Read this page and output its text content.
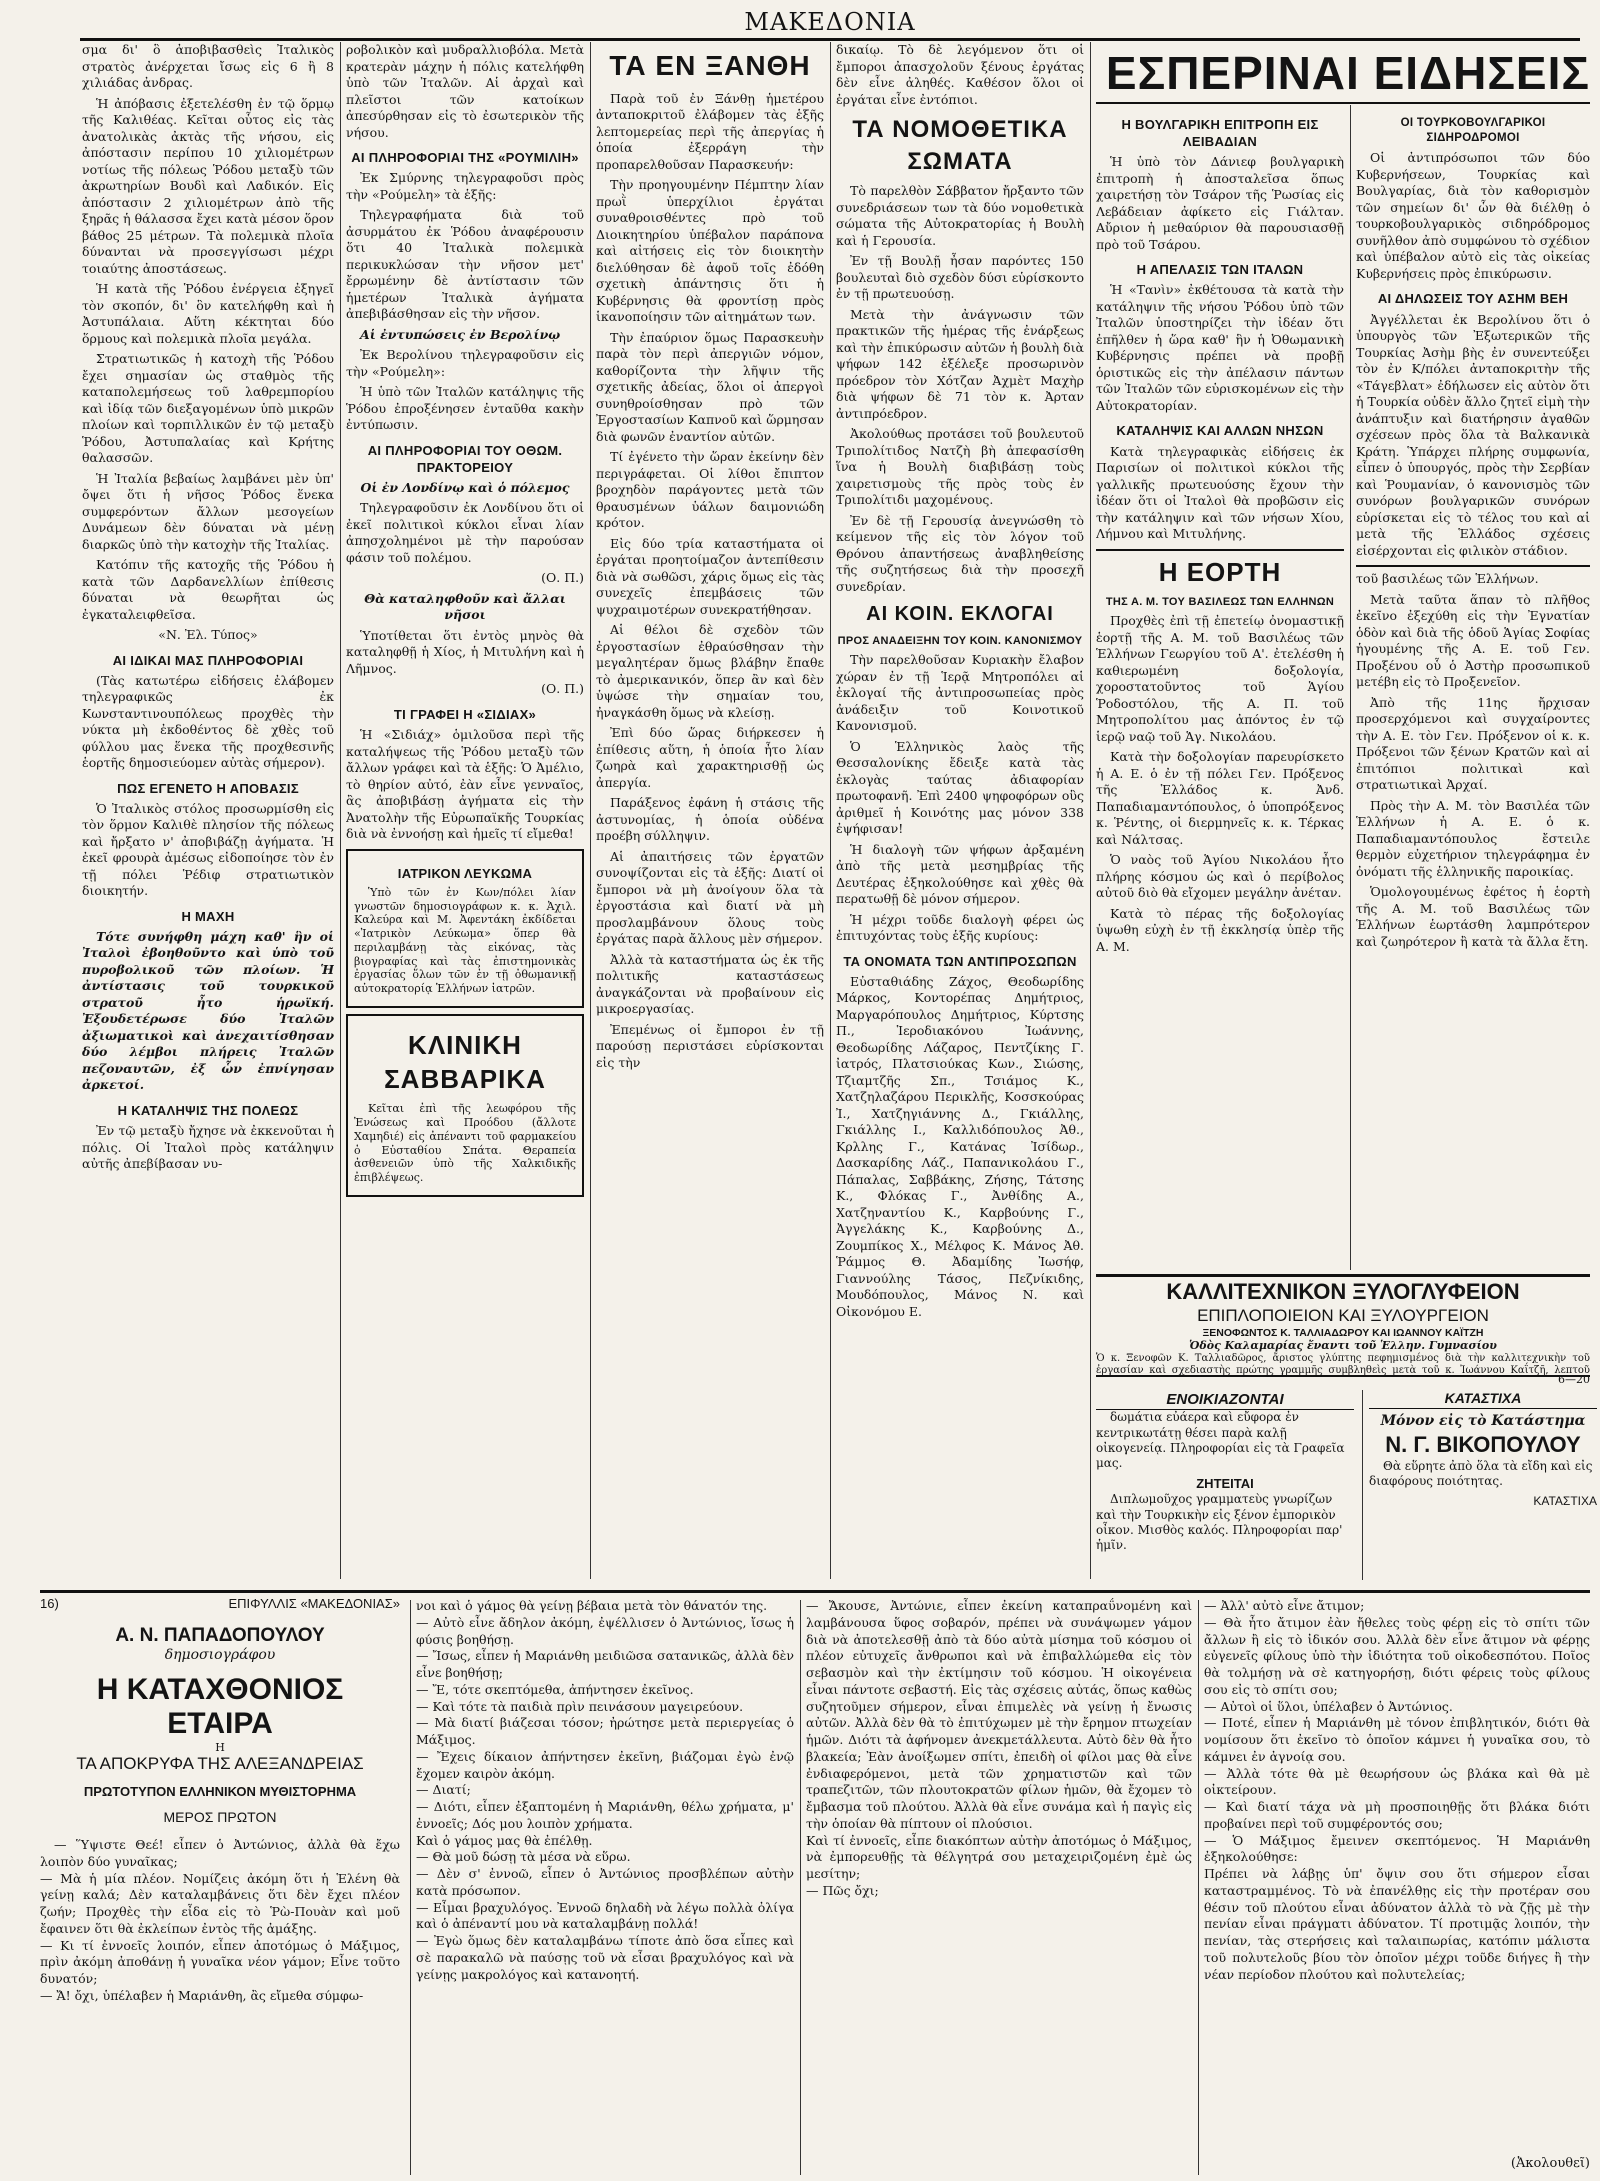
ΜΑΚΕΔΟΝΙΑ

σμα δι' ὃ ἀποβιβασθεὶς Ἰταλικὸς στρατὸς ἀνέρχεται ἴσως εἰς 6 ἢ 8 χιλιάδας ἀνδρας.

Ἡ ἀπόβασις ἐξετελέσθη ἐν τῷ ὅρμῳ τῆς Καλιθέας. Κεῖται οὗτος εἰς τὰς ἀνατολικὰς ἀκτὰς τῆς νήσου, εἰς ἀπόστασιν περίπου 10 χιλιομέτρων νοτίως τῆς πόλεως Ῥόδου μεταξὺ τῶν ἀκρωτηρίων Βουδὶ καὶ Λαδικόν. Εἰς ἀπόστασιν 2 χιλιομέτρων ἀπὸ τῆς ξηρᾶς ἡ θάλασσα ἔχει κατὰ μέσον ὅρον βάθος 25 μέτρων. Τὰ πολεμικὰ πλοῖα δύνανται νὰ προσεγγίσωσι μέχρι τοιαύτης ἀποστάσεως.

Ἡ κατὰ τῆς Ῥόδου ἐνέργεια ἐξηγεῖ τὸν σκοπόν, δι' ὃν κατελήφθη καὶ ἡ Ἀστυπάλαια. Αὕτη κέκτηται δύο ὅρμους καὶ πολεμικὰ πλοῖα μεγάλα.

Στρατιωτικῶς ἡ κατοχὴ τῆς Ῥόδου ἔχει σημασίαν ὡς σταθμὸς τῆς καταπολεμήσεως τοῦ λαθρεμπορίου καὶ ἰδίᾳ τῶν διεξαγομένων ὑπὸ μικρῶν πλοίων καὶ τορπιλλικῶν ἐν τῷ μεταξὺ Ῥόδου, Ἀστυπαλαίας καὶ Κρήτης θαλασσῶν.

Ἡ Ἰταλία βεβαίως λαμβάνει μὲν ὑπ' ὄψει ὅτι ἡ νῆσος Ῥόδος ἕνεκα συμφερόντων ἄλλων μεσογείων Δυνάμεων δὲν δύναται νὰ μένῃ διαρκῶς ὑπὸ τὴν κατοχὴν τῆς Ἰταλίας.

Κατόπιν τῆς κατοχῆς τῆς Ῥόδου ἡ κατὰ τῶν Δαρδανελλίων ἐπίθεσις δύναται νὰ θεωρῆται ὡς ἐγκαταλειφθεῖσα.

«Ν. Ἐλ. Τύπος»

ΑΙ ΙΔΙΚΑΙ ΜΑΣ ΠΛΗΡΟΦΟΡΙΑΙ

(Τὰς κατωτέρω εἰδήσεις ἐλάβομεν τηλεγραφικῶς ἐκ Κωνσταντινουπόλεως προχθὲς τὴν νύκτα μὴ ἐκδοθέντος δὲ χθὲς τοῦ φύλλου μας ἕνεκα τῆς προχθεσινῆς ἑορτῆς δημοσιεύομεν αὐτὰς σήμερον).

ΠΩΣ ΕΓΕΝΕΤΟ Η ΑΠΟΒΑΣΙΣ

Ὁ Ἰταλικὸς στόλος προσωρμίσθη εἰς τὸν ὅρμον Καλιθὲ πλησίον τῆς πόλεως καὶ ἤρξατο ν' ἀποβιβάζῃ ἀγήματα. Ἡ ἐκεῖ φρουρὰ ἀμέσως εἰδοποίησε τὸν ἐν τῇ πόλει Ῥέδιφ στρατιωτικὸν διοικητήν.

Η ΜΑΧΗ

Τότε συνήφθη μάχη καθ' ἣν οἱ Ἰταλοὶ ἐβοηθοῦντο καὶ ὑπὸ τοῦ πυροβολικοῦ τῶν πλοίων. Ἡ ἀντίστασις τοῦ τουρκικοῦ στρατοῦ ἦτο ἡρωϊκή. Ἐξουδετέρωσε δύο Ἰταλῶν ἀξιωματικοὶ καὶ ἀνεχαιτίσθησαν δύο λέμβοι πλήρεις Ἰταλῶν πεζοναυτῶν, ἐξ ὧν ἐπνίγησαν ἀρκετοί.

Η ΚΑΤΑΛΗΨΙΣ ΤΗΣ ΠΟΛΕΩΣ

Ἐν τῷ μεταξὺ ἤχησε νὰ ἐκκενοῦται ἡ πόλις. Οἱ Ἰταλοὶ πρὸς κατάληψιν αὐτῆς ἀπεβίβασαν νυ-

ροβολικὸν καὶ μυδραλλιοβόλα. Μετὰ κρατερὰν μάχην ἡ πόλις κατελήφθη ὑπὸ τῶν Ἰταλῶν. Αἱ ἀρχαὶ καὶ πλεῖστοι τῶν κατοίκων ἀπεσύρθησαν εἰς τὸ ἐσωτερικὸν τῆς νήσου.

ΑΙ ΠΛΗΡΟΦΟΡΙΑΙ ΤΗΣ «ΡΟΥΜΙΛΙΗ»

Ἐκ Σμύρνης τηλεγραφοῦσι πρὸς τὴν «Ρούμελη» τὰ ἑξῆς:

Τηλεγραφήματα διὰ τοῦ ἀσυρμάτου ἐκ Ῥόδου ἀναφέρουσιν ὅτι 40 Ἰταλικὰ πολεμικὰ περικυκλώσαν τὴν νῆσον μετ' ἔρρωμένην δὲ ἀντίστασιν τῶν ἡμετέρων Ἰταλικὰ ἀγήματα ἀπεβιβάσθησαν εἰς τὴν νῆσον.

Αἱ ἐντυπώσεις ἐν Βερολίνῳ

Ἐκ Βερολίνου τηλεγραφοῦσιν εἰς τὴν «Ρούμελη»:

Ἡ ὑπὸ τῶν Ἰταλῶν κατάληψις τῆς Ῥόδου ἐπροξένησεν ἐνταῦθα κακὴν ἐντύπωσιν.

ΑΙ ΠΛΗΡΟΦΟΡΙΑΙ ΤΟΥ ΟΘΩΜ. ΠΡΑΚΤΟΡΕΙΟΥ

Οἱ ἐν Λονδίνῳ καὶ ὁ πόλεμος

Τηλεγραφοῦσιν ἐκ Λονδίνου ὅτι οἱ ἐκεῖ πολιτικοὶ κύκλοι εἶναι λίαν ἀπησχολημένοι μὲ τὴν παρούσαν φάσιν τοῦ πολέμου.

(Ο. Π.)

Θὰ καταληφθοῦν καὶ ἄλλαι νῆσοι

Ὑποτίθεται ὅτι ἐντὸς μηνὸς θὰ καταληφθῇ ἡ Χίος, ἡ Μιτυλήνη καὶ ἡ Λῆμνος.

(Ο. Π.)

ΤΙ ΓΡΑΦΕΙ Η «ΣΙΔΙΑΧ»

Ἡ «Σιδιάχ» ὁμιλοῦσα περὶ τῆς καταλήψεως τῆς Ῥόδου μεταξὺ τῶν ἄλλων γράφει καὶ τὰ ἑξῆς: Ὁ Ἀμέλιο, τὸ θηρίον αὐτό, ἐὰν εἶνε γενναῖος, ἂς ἀποβιβάσῃ ἀγήματα εἰς τὴν Ἀνατολὴν τῆς Εὐρωπαϊκῆς Τουρκίας διὰ νὰ ἐννοήσῃ καὶ ἡμεῖς τί εἴμεθα!

ΙΑΤΡΙΚΟΝ ΛΕΥΚΩΜΑ

Ὑπὸ τῶν ἐν Κων/πόλει λίαν γνωστῶν δημοσιογράφων κ. κ. Ἀχιλ. Καλεύρα καὶ Μ. Ἀφεντάκη ἐκδίδεται «Ἰατρικὸν Λεύκωμα» ὅπερ θὰ περιλαμβάνῃ τὰς εἰκόνας, τὰς βιογραφίας καὶ τὰς ἐπιστημονικὰς ἐργασίας ὅλων τῶν ἐν τῇ ὀθωμανικῇ αὐτοκρατορίᾳ Ἑλλήνων ἰατρῶν.

ΚΛΙΝΙΚΗ ΣΑΒΒΑΡΙΚΑ

Κεῖται ἐπὶ τῆς λεωφόρου τῆς Ἐνώσεως καὶ Προόδου (ἄλλοτε Χαμηδιέ) εἰς ἀπέναντι τοῦ φαρμακείου ὁ Εὐσταθίου Σπάτα. Θεραπεία ἀσθενειῶν ὑπὸ τῆς Χαλκιδικῆς ἐπιβλέψεως.

ΤΑ ΕΝ ΞΑΝΘΗ

Παρὰ τοῦ ἐν Ξάνθῃ ἡμετέρου ἀνταποκριτοῦ ἐλάβομεν τὰς ἑξῆς λεπτομερείας περὶ τῆς ἀπεργίας ἡ ὁποία ἐξερράγη τὴν προπαρελθοῦσαν Παρασκευήν:

Τὴν προηγουμένην Πέμπτην λίαν πρωῒ ὑπερχίλιοι ἐργάται συναθροισθέντες πρὸ τοῦ Διοικητηρίου ὑπέβαλον παράπονα καὶ αἰτήσεις εἰς τὸν διοικητὴν διελύθησαν δὲ ἀφοῦ τοῖς ἐδόθη σχετικὴ ἀπάντησις ὅτι ἡ Κυβέρνησις θὰ φροντίσῃ πρὸς ἱκανοποίησιν τῶν αἰτημάτων των.

Τὴν ἐπαύριον ὅμως Παρασκευὴν παρὰ τὸν περὶ ἀπεργιῶν νόμον, καθορίζοντα τὴν λῆψιν τῆς σχετικῆς ἀδείας, ὅλοι οἱ ἀπεργοὶ συνηθροίσθησαν πρὸ τῶν Ἐργοστασίων Καπνοῦ καὶ ὥρμησαν διὰ φωνῶν ἐναντίον αὐτῶν.

Τί ἐγένετο τὴν ὥραν ἐκείνην δὲν περιγράφεται. Οἱ λίθοι ἔπιπτον βροχηδὸν παράγοντες μετὰ τῶν θραυσμένων ὑάλων δαιμονιώδη κρότον.

Εἰς δύο τρία καταστήματα οἱ ἐργάται προητοίμαζον ἀντεπίθεσιν διὰ νὰ σωθῶσι, χάρις ὅμως εἰς τὰς συνεχεῖς ἐπεμβάσεις τῶν ψυχραιμοτέρων συνεκρατήθησαν.

Αἱ θέλοι δὲ σχεδὸν τῶν ἐργοστασίων ἐθραύσθησαν τὴν μεγαλητέραν ὅμως βλάβην ἔπαθε τὸ ἀμερικανικόν, ὅπερ ἂν καὶ δὲν ὑψώσε τὴν σημαίαν του, ἠναγκάσθη ὅμως νὰ κλείσῃ.

Ἐπὶ δύο ὥρας διήρκεσεν ἡ ἐπίθεσις αὕτη, ἡ ὁποία ἦτο λίαν ζωηρὰ καὶ χαρακτηρισθῇ ὡς ἀπεργία.

Παράξενος ἐφάνη ἡ στάσις τῆς ἀστυνομίας, ἡ ὁποία οὐδένα προέβη σύλληψιν.

Αἱ ἀπαιτήσεις τῶν ἐργατῶν συνοψίζονται εἰς τὰ ἑξῆς: Διατί οἱ ἔμποροι νὰ μὴ ἀνοίγουν ὅλα τὰ ἐργοστάσια καὶ διατί νὰ μὴ προσλαμβάνουν ὅλους τοὺς ἐργάτας παρὰ ἄλλους μὲν σήμερον.

Ἀλλὰ τὰ καταστήματα ὡς ἐκ τῆς πολιτικῆς καταστάσεως ἀναγκάζονται νὰ προβαίνουν εἰς μικροεργασίας.

Ἐπεμένως οἱ ἔμποροι ἐν τῇ παρούσῃ περιστάσει εὑρίσκονται εἰς τὴν

δικαίῳ. Τὸ δὲ λεγόμενον ὅτι οἱ ἔμποροι ἀπασχολοῦν ξένους ἐργάτας δὲν εἶνε ἀληθές. Καθέσον ὅλοι οἱ ἐργάται εἶνε ἐντόπιοι.

ΤΑ ΝΟΜΟΘΕΤΙΚΑ ΣΩΜΑΤΑ

Τὸ παρελθὸν Σάββατον ἤρξαντο τῶν συνεδριάσεων των τὰ δύο νομοθετικὰ σώματα τῆς Αὐτοκρατορίας ἡ Βουλὴ καὶ ἡ Γερουσία.

Ἐν τῇ Βουλῇ ἦσαν παρόντες 150 βουλευταὶ διὸ σχεδὸν δύσι εὑρίσκοντο ἐν τῇ πρωτευούσῃ.

Μετὰ τὴν ἀνάγνωσιν τῶν πρακτικῶν τῆς ἡμέρας τῆς ἐνάρξεως καὶ τὴν ἐπικύρωσιν αὐτῶν ἡ βουλὴ διὰ ψήφων 142 ἐξέλεξε προσωρινὸν πρόεδρον τὸν Χότζαν Ἀχμὲτ Μαχὴρ διὰ ψήφων δὲ 71 τὸν κ. Ἀρταν ἀντιπρόεδρον.

Ἀκολούθως προτάσει τοῦ βουλευτοῦ Τριπολίτιδος Νατζὴ βὴ ἀπεφασίσθη ἵνα ἡ Βουλὴ διαβιβάσῃ τοὺς χαιρετισμοὺς τῆς πρὸς τοὺς ἐν Τριπολίτιδι μαχομένους.

Ἐν δὲ τῇ Γερουσίᾳ ἀνεγνώσθη τὸ κείμενον τῆς εἰς τὸν λόγον τοῦ Θρόνου ἀπαντήσεως ἀναβληθείσης τῆς συζητήσεως διὰ τὴν προσεχῆ συνεδρίαν.

ΑΙ ΚΟΙΝ. ΕΚΛΟΓΑΙ
ΠΡΟΣ ΑΝΑΔΕΙΞΗΝ ΤΟΥ ΚΟΙΝ. ΚΑΝΟΝΙΣΜΟΥ

Τὴν παρελθοῦσαν Κυριακὴν ἔλαβον χώραν ἐν τῇ Ἱερᾷ Μητροπόλει αἱ ἐκλογαί τῆς ἀντιπροσωπείας πρὸς ἀνάδειξιν τοῦ Κοινοτικοῦ Κανονισμοῦ.

Ὁ Ἑλληνικὸς λαὸς τῆς Θεσσαλονίκης ἔδειξε κατὰ τὰς ἐκλογὰς ταύτας ἀδιαφορίαν πρωτοφανῆ. Ἐπὶ 2400 ψηφοφόρων οὓς ἀριθμεῖ ἡ Κοινότης μας μόνον 338 ἐψήφισαν!

Ἡ διαλογὴ τῶν ψήφων ἀρξαμένη ἀπὸ τῆς μετὰ μεσημβρίας τῆς Δευτέρας ἐξηκολούθησε καὶ χθὲς θὰ περατωθῇ δὲ μόνον σήμερον.

Ἡ μέχρι τοῦδε διαλογὴ φέρει ὡς ἐπιτυχόντας τοὺς ἑξῆς κυρίους:

ΤΑ ΟΝΟΜΑΤΑ ΤΩΝ ΑΝΤΙΠΡΟΣΩΠΩΝ

Εὐσταθιάδης Ζάχος, Θεοδωρίδης Μάρκος, Κοντορέπας Δημήτριος, Μαργαρόπουλος Δημήτριος, Κύρτσης Π., Ἱεροδιακόνου Ἰωάννης, Θεοδωρίδης Λάζαρος, Πεντζίκης Γ. ἰατρός, Πλατσιούκας Κων., Σιώσης, Τζιαμτζῆς Σπ., Τσιάμος Κ., Χατζηλαζάρου Περικλῆς, Κοσσκούρας Ἰ., Χατζηγιάννης Δ., Γκιάλλης, Γκιάλλης Ι., Καλλιδόπουλος Ἀθ., Κρλλης Γ., Κατάνας Ἰσίδωρ., Δασκαρίδης Λάζ., Παπανικολάου Γ., Πάπαλας, Σαββάκης, Ζήσης, Τάτσης Κ., Φλόκας Γ., Ἀνθίδης Α., Χατζηναντίου Κ., Καρβούνης Γ., Ἀγγελάκης Κ., Καρβούνης Δ., Ζουμπίκος Χ., Μέλφος Κ. Μάνος Ἀθ. Ῥάμμος Θ. Ἀδαμίδης Ἰωσήφ, Γιαννούλης Τάσος, Πεζνίκιδης, Μουδόπουλος, Μάνος Ν. καὶ Οἰκονόμου Ε.

ΕΣΠΕΡΙΝΑΙ ΕΙΔΗΣΕΙΣ
Η ΒΟΥΛΓΑΡΙΚΗ ΕΠΙΤΡΟΠΗ ΕΙΣ ΛΕΙΒΑΔΙΑΝ

Ἡ ὑπὸ τὸν Δάνιεφ βουλγαρικὴ ἐπιτροπὴ ἡ ἀποσταλεῖσα ὅπως χαιρετήσῃ τὸν Τσάρον τῆς Ῥωσίας εἰς Λεβάδειαν ἀφίκετο εἰς Γιάλταν. Αὔριον ἡ μεθαύριον θὰ παρουσιασθῇ πρὸ τοῦ Τσάρου.

Η ΑΠΕΛΑΣΙΣ ΤΩΝ ΙΤΑΛΩΝ

Ἡ «Τανὶν» ἐκθέτουσα τὰ κατὰ τὴν κατάληψιν τῆς νήσου Ῥόδου ὑπὸ τῶν Ἰταλῶν ὑποστηρίζει τὴν ἰδέαν ὅτι ἐπῆλθεν ἡ ὥρα καθ' ἣν ἡ Ὀθωμανικὴ Κυβέρνησις πρέπει νὰ προβῇ ὁριστικῶς εἰς τὴν ἀπέλασιν πάντων τῶν Ἰταλῶν τῶν εὑρισκομένων εἰς τὴν Αὐτοκρατορίαν.

ΚΑΤΑΛΗΨΙΣ ΚΑΙ ΑΛΛΩΝ ΝΗΣΩΝ

Κατὰ τηλεγραφικὰς εἰδήσεις ἐκ Παρισίων οἱ πολιτικοὶ κύκλοι τῆς γαλλικῆς πρωτευούσης ἔχουν τὴν ἰδέαν ὅτι οἱ Ἰταλοὶ θὰ προβῶσιν εἰς τὴν κατάληψιν καὶ τῶν νήσων Χίου, Λήμνου καὶ Μιτυλήνης.

Η ΕΟΡΤΗ
ΤΗΣ Α. Μ. ΤΟΥ ΒΑΣΙΛΕΩΣ ΤΩΝ ΕΛΛΗΝΩΝ

Προχθὲς ἐπὶ τῇ ἐπετείῳ ὀνομαστικῇ ἑορτῇ τῆς Α. Μ. τοῦ Βασιλέως τῶν Ἑλλήνων Γεωργίου τοῦ Α'. ἐτελέσθη ἡ καθιερωμένη δοξολογία, χοροστατοῦντος τοῦ Ἁγίου Ῥοδοστόλου, τῆς Α. Π. τοῦ Μητροπολίτου μας ἀπόντος ἐν τῷ ἱερῷ ναῷ τοῦ Ἁγ. Νικολάου.

Κατὰ τὴν δοξολογίαν παρευρίσκετο ἡ Α. Ε. ὁ ἐν τῇ πόλει Γεν. Πρόξενος τῆς Ἑλλάδος κ. Ἀνδ. Παπαδιαμαντόπουλος, ὁ ὑποπρόξενος κ. Ῥέντης, οἱ διερμηνεῖς κ. κ. Τέρκας καὶ Νάλτσας.

Ὁ ναὸς τοῦ Ἁγίου Νικολάου ἦτο πλήρης κόσμου ὡς καὶ ὁ περίβολος αὐτοῦ διὸ θὰ εἴχομεν μεγάλην ἀνέταν.

Κατὰ τὸ πέρας τῆς δοξολογίας ὑψωθη εὐχὴ ἐν τῇ ἐκκλησίᾳ ὑπὲρ τῆς Α. Μ.

ΟΙ ΤΟΥΡΚΟΒΟΥΛΓΑΡΙΚΟΙ ΣΙΔΗΡΟΔΡΟΜΟΙ

Οἱ ἀντιπρόσωποι τῶν δύο Κυβερνήσεων, Τουρκίας καὶ Βουλγαρίας, διὰ τὸν καθορισμὸν τῶν σημείων δι' ὧν θὰ διέλθῃ ὁ τουρκοβουλγαρικὸς σιδηρόδρομος συνῆλθον ἀπὸ συμφώνου τὸ σχέδιον καὶ ὑπέβαλον αὐτὸ εἰς τὰς οἰκείας Κυβερνήσεις πρὸς ἐπικύρωσιν.

ΑΙ ΔΗΛΩΣΕΙΣ ΤΟΥ ΑΣΗΜ ΒΕΗ

Ἀγγέλλεται ἐκ Βερολίνου ὅτι ὁ ὑπουργὸς τῶν Ἐξωτερικῶν τῆς Τουρκίας Ἀσὴμ βὴς ἐν συνεντεύξει τὸν ἐν Κ/πόλει ἀνταποκριτὴν τῆς «Τάγεβλατ» ἐδήλωσεν εἰς αὐτὸν ὅτι ἡ Τουρκία οὐδὲν ἄλλο ζητεῖ εἰμὴ τὴν ἀνάπτυξιν καὶ διατήρησιν ἀγαθῶν σχέσεων πρὸς ὅλα τὰ Βαλκανικὰ Κράτη. Ὑπάρχει πλήρης συμφωνία, εἶπεν ὁ ὑπουργός, πρὸς τὴν Σερβίαν καὶ Ῥουμανίαν, ὁ κανονισμὸς τῶν συνόρων βουλγαρικῶν συνόρων εὑρίσκεται εἰς τὸ τέλος του καὶ αἱ μετὰ τῆς Ἑλλάδος σχέσεις εἰσέρχονται εἰς φιλικὸν στάδιον.

τοῦ βασιλέως τῶν Ἑλλήνων.

Μετὰ ταῦτα ἅπαν τὸ πλῆθος ἐκεῖνο ἐξεχύθη εἰς τὴν Ἐγνατίαν ὁδὸν καὶ διὰ τῆς ὁδοῦ Ἁγίας Σοφίας ἡγουμένης τῆς Α. Ε. τοῦ Γεν. Προξένου οὗ ὁ Ἀστὴρ προσωπικοῦ μετέβη εἰς τὸ Προξενεῖον.

Ἀπὸ τῆς 11ης ἤρχισαν προσερχόμενοι καὶ συγχαίροντες τὴν Α. Ε. τὸν Γεν. Πρόξενον οἱ κ. κ. Πρόξενοι τῶν ξένων Κρατῶν καὶ αἱ ἐπιτόπιοι πολιτικαὶ καὶ στρατιωτικαὶ Ἀρχαί.

Πρὸς τὴν Α. Μ. τὸν Βασιλέα τῶν Ἑλλήνων ἡ Α. Ε. ὁ κ. Παπαδιαμαντόπουλος ἔστειλε θερμὸν εὐχετήριον τηλεγράφημα ἐν ὀνόματι τῆς ἑλληνικῆς παροικίας.

Ὁμολογουμένως ἐφέτος ἡ ἑορτὴ τῆς Α. Μ. τοῦ Βασιλέως τῶν Ἑλλήνων ἑωρτάσθη λαμπρότερον καὶ ζωηρότερον ἢ κατὰ τὰ ἄλλα ἔτη.

ΚΑΛΛΙΤΕΧΝΙΚΟΝ ΞΥΛΟΓΛΥΦΕΙΟΝ
ΕΠΙΠΛΟΠΟΙΕΙΟΝ ΚΑΙ ΞΥΛΟΥΡΓΕΙΟΝ
ΞΕΝΟΦΩΝΤΟΣ Κ. ΤΑΛΛΙΑΔΩΡΟΥ ΚΑΙ ΙΩΑΝΝΟΥ ΚΑΪΤΖΗ
Ὁδὸς Καλαμαρίας ἔναντι τοῦ Ἑλλην. Γυμνασίου
Ὁ κ. Ξενοφῶν Κ. Ταλλιαδῶρος, ἄριστος γλύπτης πεφημισμένος διὰ τὴν καλλιτεχνικὴν τοῦ ἐργασίαν καὶ σχεδιαστὴς πρώτης γραμμῆς συμβληθεὶς μετὰ τοῦ κ. Ἰωάννου Καΐτζῆ, λεπτοῦ
6—20
ΕΝΟΙΚΙΑΖΟΝΤΑΙ

δωμάτια εὐάερα καὶ εὔφορα ἐν κεντρικωτάτῃ θέσει παρὰ καλῇ οἰκογενείᾳ. Πληροφορίαι εἰς τὰ Γραφεῖα μας.

ΖΗΤΕΙΤΑΙ

Διπλωμοῦχος γραμματεὺς γνωρίζων καὶ τὴν Τουρκικὴν εἰς ξένον ἐμπορικὸν οἶκον. Μισθὸς καλός. Πληροφορίαι παρ' ἡμῖν.

ΚΑΤΑΣΤΙΧΑ
Μόνον εἰς τὸ Κατάστημα
Ν. Γ. ΒΙΚΟΠΟΥΛΟΥ

Θὰ εὕρητε ἀπὸ ὅλα τὰ εἴδη καὶ εἰς διαφόρους ποιότητας.

ΚΑΤΑΣΤΙΧΑ
16)	ΕΠΙΦΥΛΛΙΣ «ΜΑΚΕΔΟΝΙΑΣ»
Α. Ν. ΠΑΠΑΔΟΠΟΥΛΟΥ
δημοσιογράφου
Η ΚΑΤΑΧΘΟΝΙΟΣ ΕΤΑΙΡΑ
Η
ΤΑ ΑΠΟΚΡΥΦΑ ΤΗΣ ΑΛΕΞΑΝΔΡΕΙΑΣ
ΠΡΩΤΟΤΥΠΟΝ ΕΛΛΗΝΙΚΟΝ ΜΥΘΙΣΤΟΡΗΜΑ
ΜΕΡΟΣ ΠΡΩΤΟΝ

— Ὕψιστε Θεέ! εἶπεν ὁ Ἀντώνιος, ἀλλὰ θὰ ἔχω λοιπὸν δύο γυναῖκας;
— Μὰ ἡ μία πλέον. Νομίζεις ἀκόμη ὅτι ἡ Ἑλένη θὰ γείνῃ καλά; Δὲν καταλαμβάνεις ὅτι δὲν ἔχει πλέον ζωήν; Προχθὲς τὴν εἶδα εἰς τὸ Ῥὼ-Πουὰν καὶ μοῦ ἔφαινεν ὅτι θὰ ἐκλείπων ἐντὸς τῆς ἀμάξης.
— Κι τί ἐννοεῖς λοιπόν, εἶπεν ἀποτόμως ὁ Μάξιμος, πρὶν ἀκόμη ἀποθάνῃ ἡ γυναῖκα νέον γάμον; Εἶνε τοῦτο δυνατόν;
— Ἄ! ὄχι, ὑπέλαβεν ἡ Μαριάνθη, ἂς εἴμεθα σύμφω-

νοι καὶ ὁ γάμος θὰ γείνῃ βέβαια μετὰ τὸν θάνατόν της.
— Αὐτὸ εἶνε ἄδηλον ἀκόμη, ἐψέλλισεν ὁ Ἀντώνιος, ἴσως ἡ φύσις βοηθήσῃ.
— Ἴσως, εἶπεν ἡ Μαριάνθη μειδιῶσα σατανικῶς, ἀλλὰ δὲν εἶνε βοηθήσῃ;
— Ἔ, τότε σκεπτόμεθα, ἀπήντησεν ἐκεῖνος.
— Καὶ τότε τὰ παιδιὰ πρὶν πεινάσουν μαγειρεύουν.
— Μὰ διατί βιάζεσαι τόσον; ἠρώτησε μετὰ περιεργείας ὁ Μάξιμος.
— Ἔχεις δίκαιον ἀπήντησεν ἐκεῖνη, βιάζομαι ἐγὼ ἐνῷ ἔχομεν καιρὸν ἀκόμη.
— Διατί;
— Διότι, εἶπεν ἐξαπτομένη ἡ Μαριάνθη, θέλω χρήματα, μ' ἐννοεῖς; Δός μου λοιπὸν χρήματα.
Καὶ ὁ γάμος μας θὰ ἐπέλθῃ.
— Θὰ μοῦ δώσῃ τὰ μέσα νὰ εὕρω.
— Δὲν σ' ἐννοῶ, εἶπεν ὁ Ἀντώνιος προσβλέπων αὐτὴν κατὰ πρόσωπον.
— Εἶμαι βραχυλόγος. Ἐννοῶ δηλαδὴ νὰ λέγω πολλὰ ὀλίγα καὶ ὁ ἀπέναντί μου νὰ καταλαμβάνῃ πολλά!
— Ἐγὼ ὅμως δὲν καταλαμβάνω τίποτε ἀπὸ ὅσα εἶπες καὶ σὲ παρακαλῶ νὰ παύσῃς τοῦ νὰ εἶσαι βραχυλόγος καὶ νὰ γείνῃς μακρολόγος καὶ κατανοητή.
— Ἄκουσε, Ἀντώνιε, εἶπεν ἐκείνη καταπραΰνομένη καὶ λαμβάνουσα ὕφος σοβαρόν, πρέπει νὰ συνάψωμεν γάμον διὰ νὰ ἀποτελεσθῇ ἀπὸ τὰ δύο αὐτὰ μίσημα τοῦ κόσμου οἱ πλέον εὐτυχεῖς ἄνθρωποι καὶ νὰ ἐπιβαλλώμεθα εἰς τὸν σεβασμὸν καὶ τὴν ἐκτίμησιν τοῦ κόσμου. Ἡ οἰκογένεια εἶναι πάντοτε σεβαστή. Εἰς τὰς σχέσεις αὐτάς, ὅπως καθὼς συζητοῦμεν σήμερον, εἶναι ἐπιμελὲς νὰ γείνῃ ἡ ἔνωσις αὐτῶν. Ἀλλὰ δὲν θὰ τὸ ἐπιτύχωμεν μὲ τὴν ἔρημον πτωχείαν ἡμῶν. Διότι τὰ ἀφήνομεν ἀνεκμετάλλευτα. Αὐτὸ δὲν θὰ ἦτο βλακεία; Ἐὰν ἀνοίξωμεν σπίτι, ἐπειδὴ οἱ φίλοι μας θὰ εἶνε ἐνδιαφερόμενοι, μετὰ τῶν χρηματιστῶν καὶ τῶν τραπεζιτῶν, τῶν πλουτοκρατῶν φίλων ἡμῶν, θὰ ἔχομεν τὸ ἔμβασμα τοῦ πλούτου. Ἀλλὰ θὰ εἶνε συνάμα καὶ ἡ παγὶς εἰς τὴν ὁποίαν θὰ πίπτουν οἱ πλούσιοι.
Καὶ τί ἐννοεῖς, εἶπε διακόπτων αὐτὴν ἀποτόμως ὁ Μάξιμος, νὰ ἐμπορευθῇς τὰ θέλγητρά σου μεταχειριζομένη ἐμὲ ὡς μεσίτην;
— Πῶς ὄχι;
— Ἀλλ' αὐτὸ εἶνε ἄτιμον;
— Θὰ ἦτο ἄτιμον ἐὰν ἤθελες τοὺς φέρῃ εἰς τὸ σπίτι τῶν ἄλλων ἢ εἰς τὸ ἰδικόν σου. Ἀλλὰ δὲν εἶνε ἄτιμον νὰ φέρῃς εὐγενεῖς φίλους ὑπὸ τὴν ἰδιότητα τοῦ οἰκοδεσπότου. Ποῖος θὰ τολμήσῃ νὰ σὲ κατηγορήσῃ, διότι φέρεις τοὺς φίλους σου εἰς τὸ σπίτι σου;
— Αὐτοὶ οἱ ὕλοι, ὑπέλαβεν ὁ Ἀντώνιος.
— Ποτέ, εἶπεν ἡ Μαριάνθη μὲ τόνον ἐπιβλητικόν, διότι θὰ νομίσουν ὅτι ἐκεῖνο τὸ ὁποῖον κάμνει ἡ γυναῖκα σου, τὸ κάμνει ἐν ἀγνοίᾳ σου.
— Ἀλλὰ τότε θὰ μὲ θεωρήσουν ὡς βλάκα καὶ θὰ μὲ οἰκτείρουν.
— Καὶ διατί τάχα νὰ μὴ προσποιηθῇς ὅτι βλάκα διότι προβαίνει περὶ τοῦ συμφέροντός σου;
— Ὁ Μάξιμος ἔμεινεν σκεπτόμενος. Ἡ Μαριάνθη ἐξηκολούθησε:
Πρέπει νὰ λάβῃς ὑπ' ὄψιν σου ὅτι σήμερον εἶσαι καταστραμμένος. Τὸ νὰ ἐπανέλθῃς εἰς τὴν προτέραν σου θέσιν τοῦ πλούτου εἶναι ἀδύνατον ἀλλὰ τὸ νὰ ζῇς μὲ τὴν πενίαν εἶναι πράγματι ἀδύνατον. Τί προτιμᾷς λοιπόν, τὴν πενίαν, τὰς στερήσεις καὶ ταλαιπωρίας, κατόπιν μάλιστα τοῦ πολυτελοῦς βίου τὸν ὁποῖον μέχρι τοῦδε διήγες ἢ τὴν νέαν περίοδον πλούτου καὶ πολυτελείας;
(Ἀκολουθεῖ)
